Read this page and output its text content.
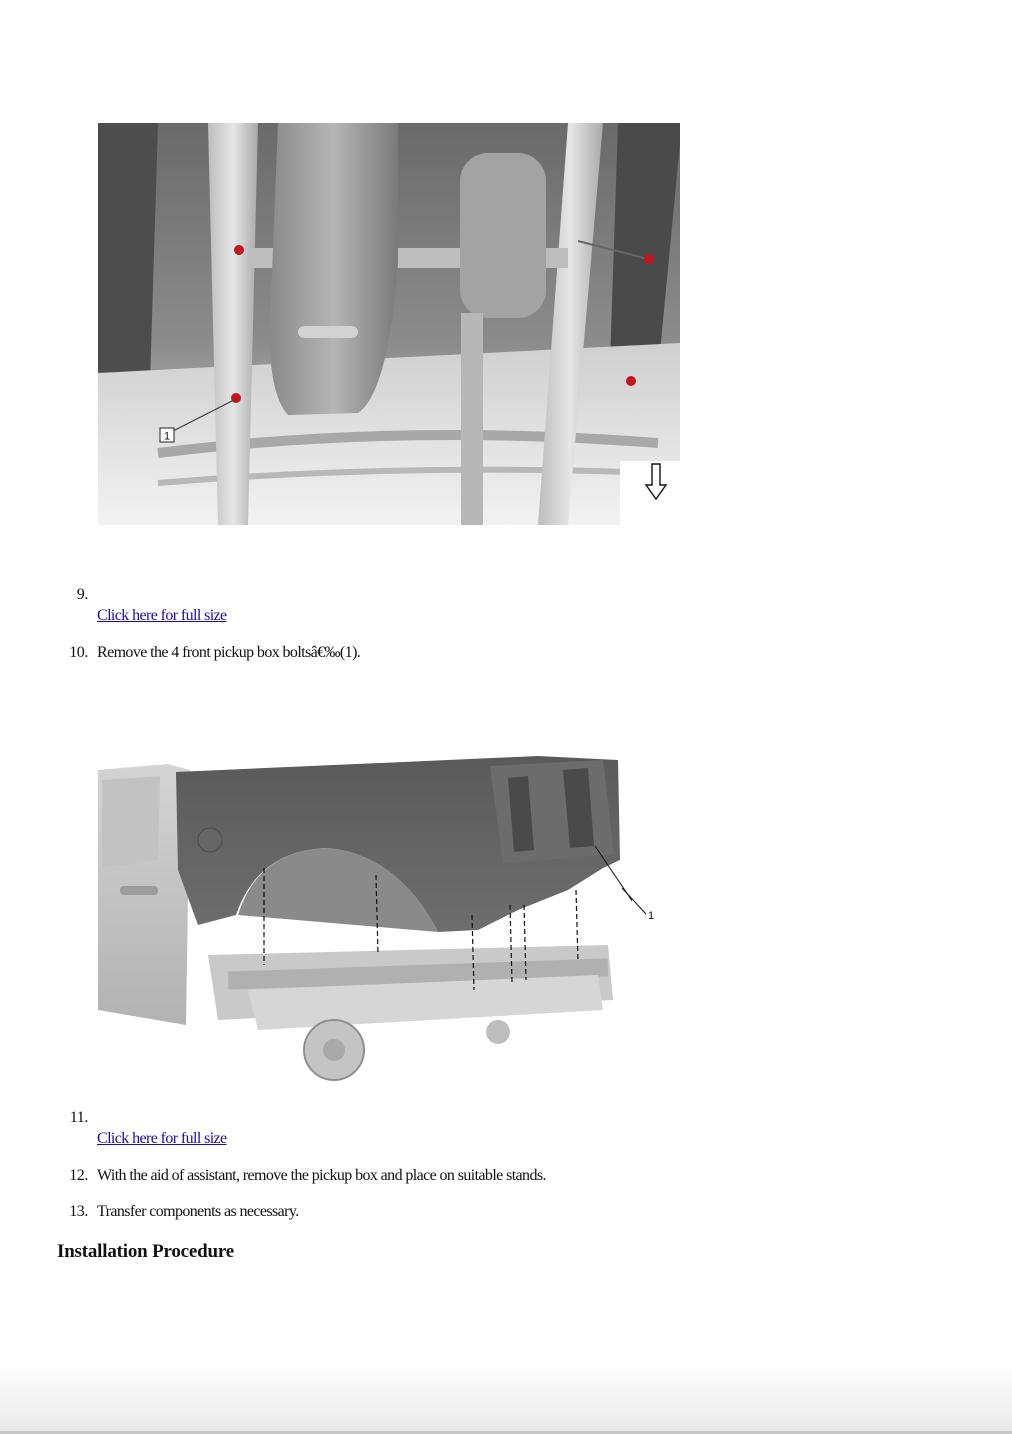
1
9.
Click here for full size
10. Remove the 4 front pickup box boltsâ€‰(1).
1
11.
Click here for full size
12. With the aid of assistant, remove the pickup box and place on suitable stands.
13. Transfer components as necessary.
Installation Procedure
